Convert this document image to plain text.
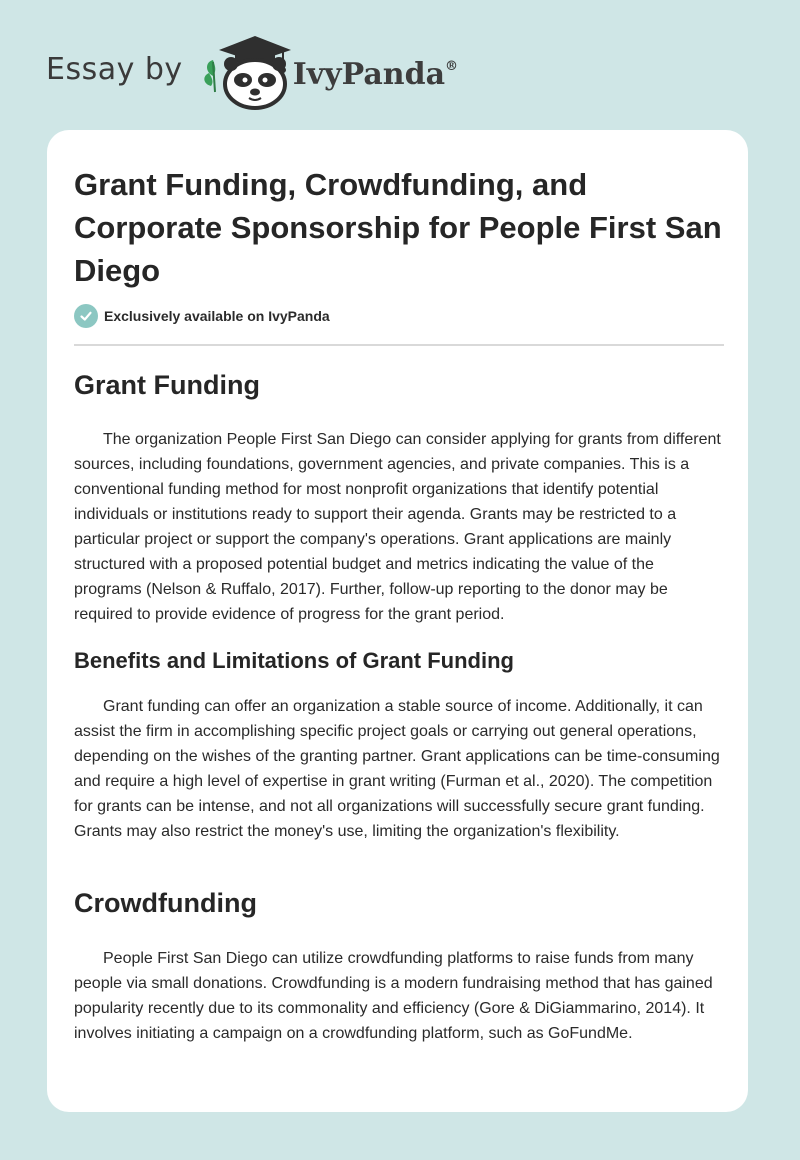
Essay by	IvyPanda®
Grant Funding, Crowdfunding, and Corporate Sponsorship for People First San Diego
Exclusively available on IvyPanda
Grant Funding

The organization People First San Diego can consider applying for grants from different sources, including foundations, government agencies, and private companies. This is a conventional funding method for most nonprofit organizations that identify potential individuals or institutions ready to support their agenda. Grants may be restricted to a particular project or support the company's operations. Grant applications are mainly structured with a proposed potential budget and metrics indicating the value of the programs (Nelson & Ruffalo, 2017). Further, follow-up reporting to the donor may be required to provide evidence of progress for the grant period.

Benefits and Limitations of Grant Funding

Grant funding can offer an organization a stable source of income. Additionally, it can assist the firm in accomplishing specific project goals or carrying out general operations, depending on the wishes of the granting partner. Grant applications can be time-consuming and require a high level of expertise in grant writing (Furman et al., 2020). The competition for grants can be intense, and not all organizations will successfully secure grant funding. Grants may also restrict the money's use, limiting the organization's flexibility.

Crowdfunding

People First San Diego can utilize crowdfunding platforms to raise funds from many people via small donations. Crowdfunding is a modern fundraising method that has gained popularity recently due to its commonality and efficiency (Gore & DiGiammarino, 2014). It involves initiating a campaign on a crowdfunding platform, such as GoFundMe.
